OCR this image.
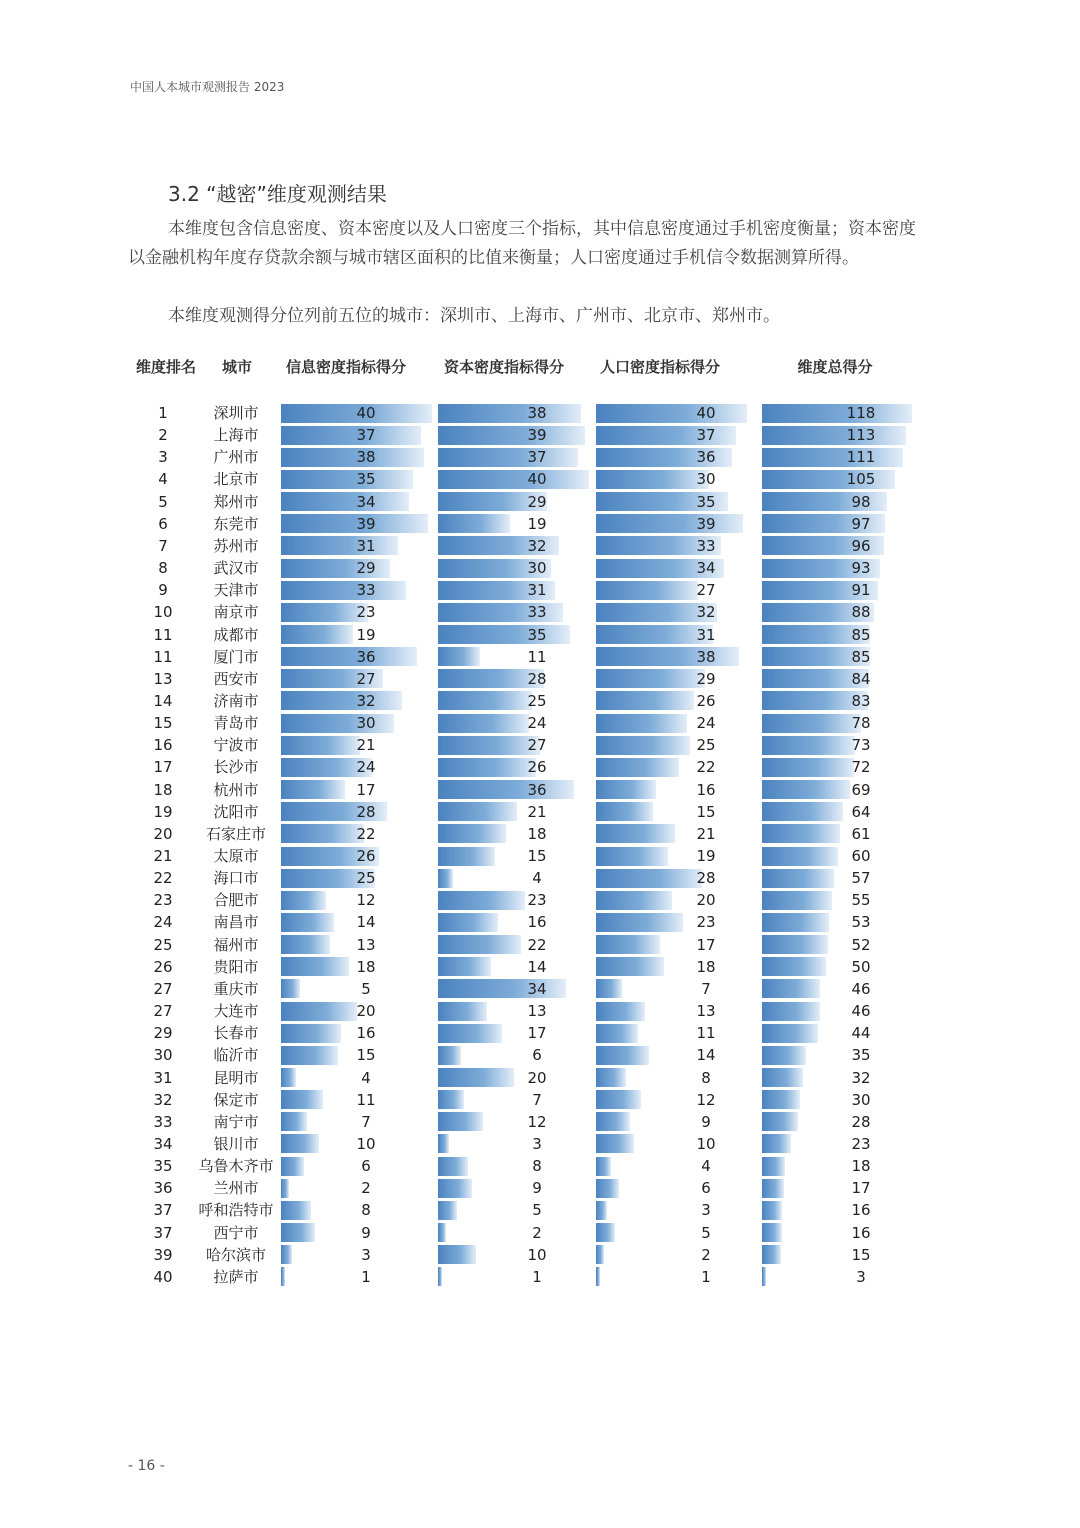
中国人本城市观测报告 2023
3.2 “越密”维度观测结果

本维度包含信息密度、资本密度以及人口密度三个指标，其中信息密度通过手机密度衡量；资本密度以金融机构年度存贷款余额与城市辖区面积的比值来衡量；人口密度通过手机信令数据测算所得。

本维度观测得分位列前五位的城市：深圳市、上海市、广州市、北京市、郑州市。

维度排名	城市	信息密度指标得分	资本密度指标得分	人口密度指标得分	维度总得分
1	深圳市	40	38	40	118
2	上海市	37	39	37	113
3	广州市	38	37	36	111
4	北京市	35	40	30	105
5	郑州市	34	29	35	98
6	东莞市	39	19	39	97
7	苏州市	31	32	33	96
8	武汉市	29	30	34	93
9	天津市	33	31	27	91
10	南京市	23	33	32	88
11	成都市	19	35	31	85
11	厦门市	36	11	38	85
13	西安市	27	28	29	84
14	济南市	32	25	26	83
15	青岛市	30	24	24	78
16	宁波市	21	27	25	73
17	长沙市	24	26	22	72
18	杭州市	17	36	16	69
19	沈阳市	28	21	15	64
20	石家庄市	22	18	21	61
21	太原市	26	15	19	60
22	海口市	25	4	28	57
23	合肥市	12	23	20	55
24	南昌市	14	16	23	53
25	福州市	13	22	17	52
26	贵阳市	18	14	18	50
27	重庆市	5	34	7	46
27	大连市	20	13	13	46
29	长春市	16	17	11	44
30	临沂市	15	6	14	35
31	昆明市	4	20	8	32
32	保定市	11	7	12	30
33	南宁市	7	12	9	28
34	银川市	10	3	10	23
35	乌鲁木齐市	6	8	4	18
36	兰州市	2	9	6	17
37	呼和浩特市	8	5	3	16
37	西宁市	9	2	5	16
39	哈尔滨市	3	10	2	15
40	拉萨市	1	1	1	3
- 16 -
